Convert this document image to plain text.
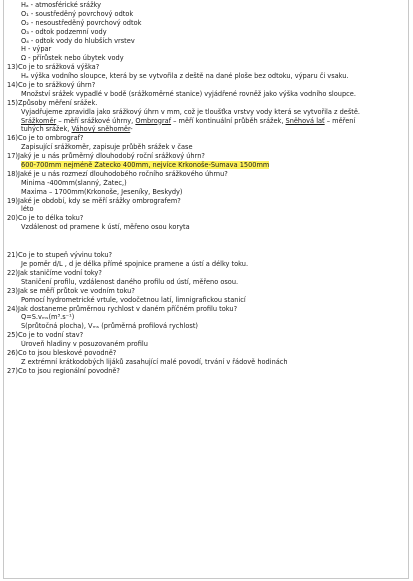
Hₐ - atmosférické srážky
O₁ - soustředěný povrchový odtok
O₂ - nesoustředěný povrchový odtok
O₃ - odtok podzemní vody
O₄ - odtok vody do hlubších vrstev
H - výpar
Ω - přírůstek nebo úbytek vody
13)Co je to srážková výška?
Hₐ výška vodního sloupce, která by se vytvořila z deště na dané ploše bez odtoku, výparu či vsaku.
14)Co je to srážkový úhrn?
Množství srážek vypadlé v bodě (srážkoměrné stanice) vyjádřené rovněž jako výška vodního sloupce.
15)Způsoby měření srážek.
Vyjadřujeme zpravidla jako srážkový úhrn v mm, což je tloušťka vrstvy vody která se vytvořila z deště.
Srážkoměr – měří srážkové úhrny, Ombrograf – měří kontinuální průběh srážek, Sněhová lať – měření
tuhých srážek, Váhový sněhoměr-
16)Co je to ombrograf?
Zapisující srážkoměr, zapisuje průběh srážek v čase
17)Jaký je u nás průměrný dlouhodobý roční srážkový úhrn?
600-700mm nejméně Žatecko 400mm, nejvíce Krkonoše-Šumava 1500mm
18)Jaké je u nás rozmezí dlouhodobého ročního srážkového úhrnu?
Minima -400mm(slanný, Žatec,)
Maxima – 1700mm(Krkonoše, Jeseníky, Beskydy)
19)Jaké je období, kdy se měří srážky ombrografem?
léto
20)Co je to délka toku?
Vzdálenost od pramene k ústí, měřeno osou koryta
21)Co je to stupeň vývinu toku?
Je poměr d/L , d je délka přímé spojnice pramene a ústí a délky toku.
22)Jak staničíme vodní toky?
Staničení profilu, vzdálenost daného profilu od ústí, měřeno osou.
23)Jak se měří průtok ve vodním toku?
Pomocí hydrometrické vrtule, vodočetnou latí, limnigrafickou stanicí
24)Jak dostaneme průměrnou rychlost v daném příčném profilu toku?
Q=S.vₘₛ(m³.s⁻¹)
S(průtočná plocha), Vₘₛ (průměrná profilová rychlost)
25)Co je to vodní stav?
Úroveň hladiny v posuzovaném profilu
26)Co to jsou bleskové povodně?
Z extrémní krátkodobých lijáků zasahující malé povodí, trvání v řádově hodinách
27)Co to jsou regionální povodně?
